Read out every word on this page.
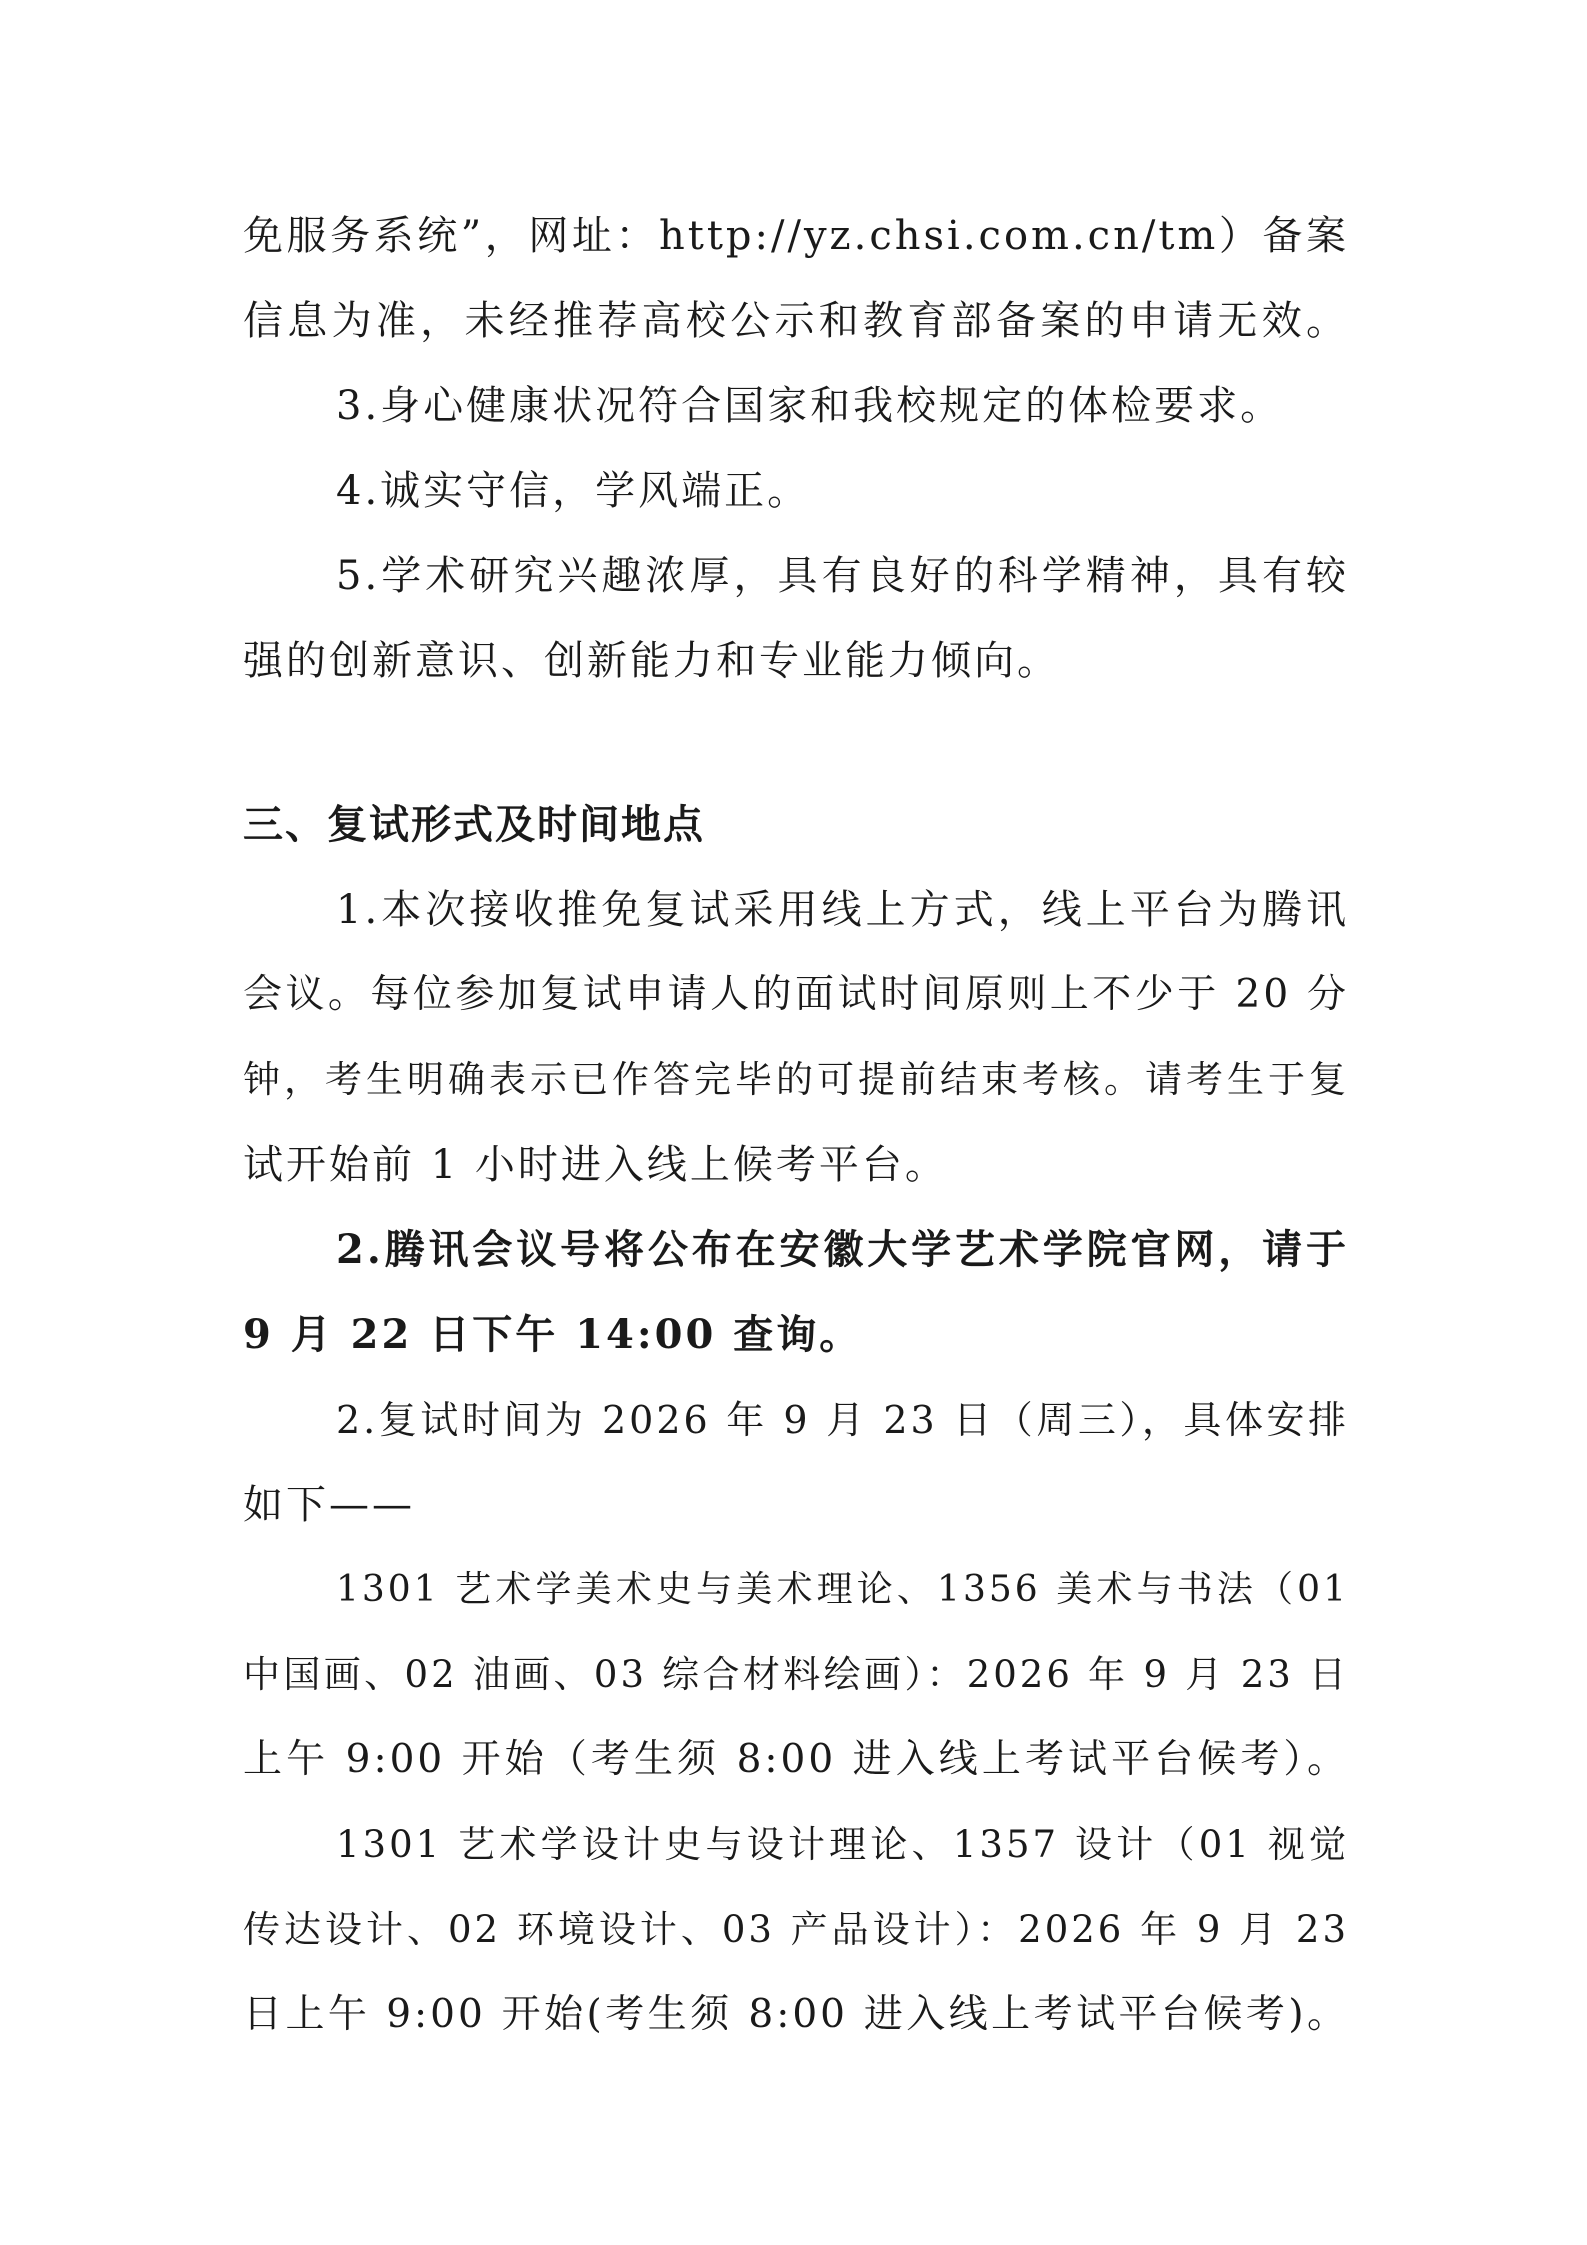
免服务系统”，网址：http://yz.chsi.com.cn/tm）备案
信息为准，未经推荐高校公示和教育部备案的申请无效。
3.身心健康状况符合国家和我校规定的体检要求。
4.诚实守信，学风端正。
5.学术研究兴趣浓厚，具有良好的科学精神，具有较
强的创新意识、创新能力和专业能力倾向。
三、复试形式及时间地点
1.本次接收推免复试采用线上方式，线上平台为腾讯
会议。每位参加复试申请人的面试时间原则上不少于 20 分
钟，考生明确表示已作答完毕的可提前结束考核。请考生于复
试开始前 1 小时进入线上候考平台。
2.腾讯会议号将公布在安徽大学艺术学院官网，请于
9 月 22 日下午 14:00 查询。
2.复试时间为 2026 年 9 月 23 日（周三），具体安排
如下——
1301 艺术学美术史与美术理论、1356 美术与书法（01
中国画、02 油画、03 综合材料绘画）：2026 年 9 月 23 日
上午 9:00 开始（考生须 8:00 进入线上考试平台候考）。
1301 艺术学设计史与设计理论、1357 设计（01 视觉
传达设计、02 环境设计、03 产品设计）：2026 年 9 月 23
日上午 9:00 开始(考生须 8:00 进入线上考试平台候考)。
